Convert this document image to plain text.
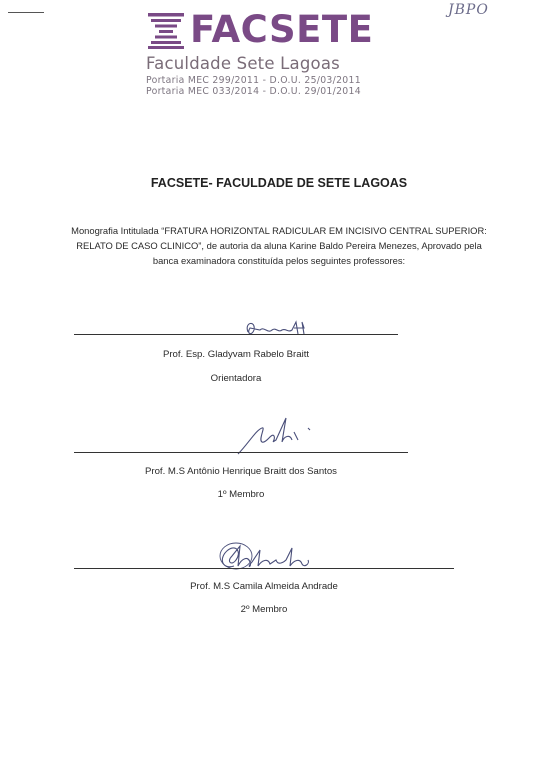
JBPO
FACSETE
Faculdade Sete Lagoas
Portaria MEC 299/2011 - D.O.U. 25/03/2011
Portaria MEC 033/2014 - D.O.U. 29/01/2014
FACSETE- FACULDADE DE SETE LAGOAS
Monografia Intitulada “FRATURA HORIZONTAL RADICULAR EM INCISIVO CENTRAL SUPERIOR: RELATO DE CASO CLINICO”, de autoria da aluna Karine Baldo Pereira Menezes, Aprovado pela banca examinadora constituída pelos seguintes professores:
Prof. Esp. Gladyvam Rabelo Braitt
Orientadora
Prof. M.S Antônio Henrique Braitt dos Santos
1º Membro
Prof. M.S Camila Almeida Andrade
2º Membro
